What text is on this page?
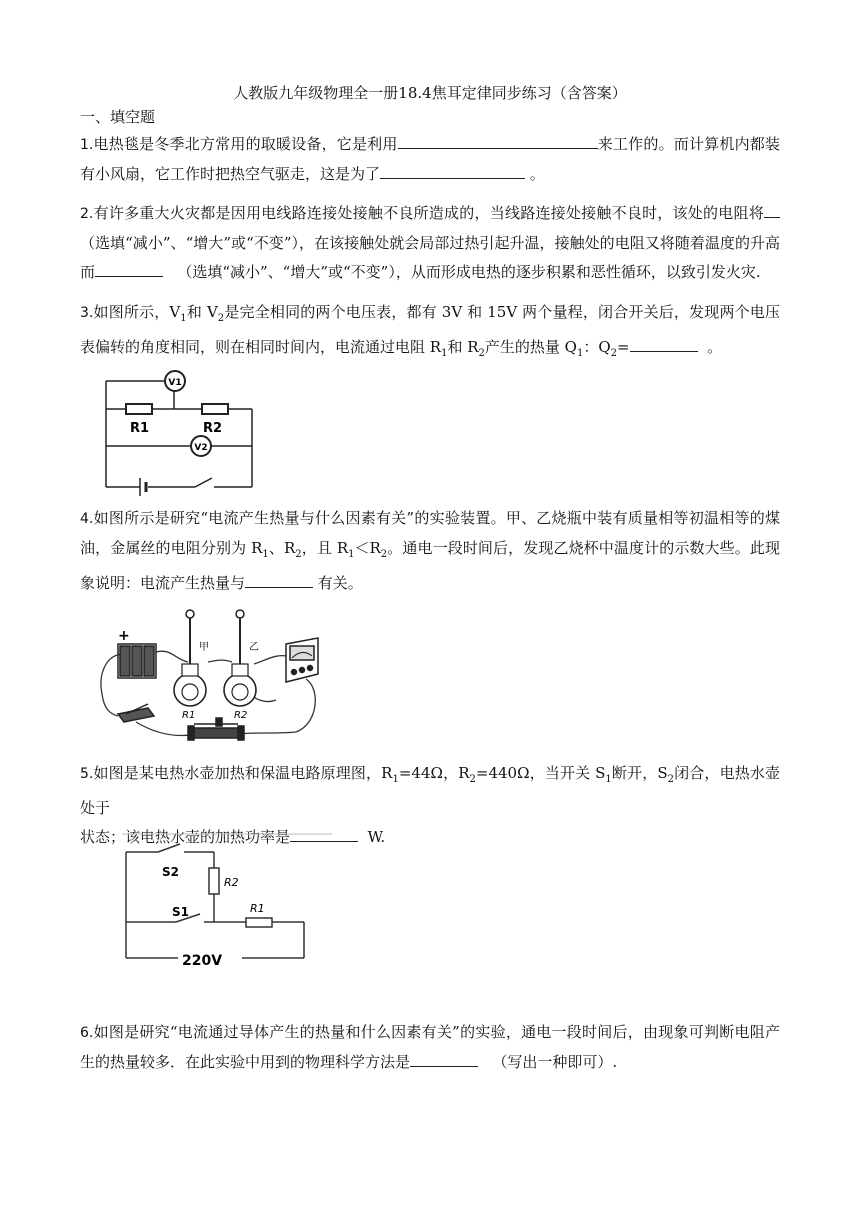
人教版九年级物理全一册18.4焦耳定律同步练习（含答案）
一、填空题
1.电热毯是冬季北方常用的取暖设备，它是利用	来工作的。而计算机内都装有小风扇，它工作时把热空气驱走，这是为了	。
2.有许多重大火灾都是因用电线路连接处接触不良所造成的，当线路连接处接触不良时，该处的电阻将（选填“减小”、“增大”或“不变”），在该接触处就会局部过热引起升温，接触处的电阻又将随着温度的升高而	（选填“减小”、“增大”或“不变”），从而形成电热的逐步积累和恶性循环，以致引发火灾.
3.如图所示，$V_1$和 $V_2$是完全相同的两个电压表，都有 3V 和 15V 两个量程，闭合开关后，发现两个电压表偏转的角度相同，则在相同时间内，电流通过电阻 $R_1$和 $R_2$产生的热量 $Q_1$：$Q_2=$	。
V1
V2
R1	R2
4.如图所示是研究“电流产生热量与什么因素有关”的实验装置。甲、乙烧瓶中装有质量相等初温相等的煤油，金属丝的电阻分别为 $R_1$、$R_2$，且 $R_1<R_2$。通电一段时间后，发现乙烧杯中温度计的示数大些。此现象说明：电流产生热量与	有关。
+
甲
R1
乙
R2
5.如图是某电热水壶加热和保温电路原理图，$R_1=44\Omega$，$R_2=440\Omega$，当开关 $S_1$断开，$S_2$闭合，电热水壶处于
状态；该电热水壶的加热功率是	W.
S2
S1
R2
R1
220V
6.如图是研究“电流通过导体产生的热量和什么因素有关”的实验，通电一段时间后，由现象可判断电阻产生的热量较多．在此实验中用到的物理科学方法是	（写出一种即可）.
